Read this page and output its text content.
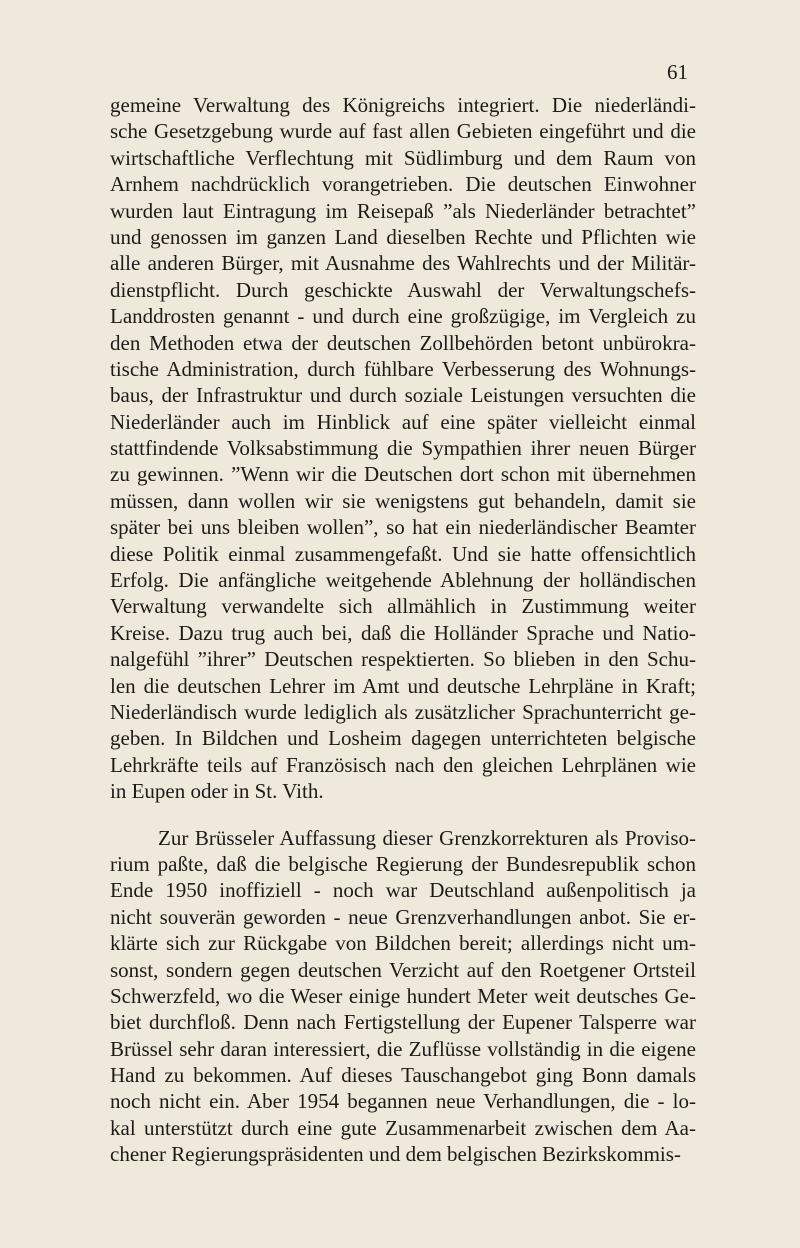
61
gemeine Verwaltung des Königreichs integriert. Die niederländi-
sche Gesetzgebung wurde auf fast allen Gebieten eingeführt und die
wirtschaftliche Verflechtung mit Südlimburg und dem Raum von
Arnhem nachdrücklich vorangetrieben. Die deutschen Einwohner
wurden laut Eintragung im Reisepaß ”als Niederländer betrachtet”
und genossen im ganzen Land dieselben Rechte und Pflichten wie
alle anderen Bürger, mit Ausnahme des Wahlrechts und der Militär-
dienstpflicht. Durch geschickte Auswahl der Verwaltungschefs-
Landdrosten genannt - und durch eine großzügige, im Vergleich zu
den Methoden etwa der deutschen Zollbehörden betont unbürokra-
tische Administration, durch fühlbare Verbesserung des Wohnungs-
baus, der Infrastruktur und durch soziale Leistungen versuchten die
Niederländer auch im Hinblick auf eine später vielleicht einmal
stattfindende Volksabstimmung die Sympathien ihrer neuen Bürger
zu gewinnen. ”Wenn wir die Deutschen dort schon mit übernehmen
müssen, dann wollen wir sie wenigstens gut behandeln, damit sie
später bei uns bleiben wollen”, so hat ein niederländischer Beamter
diese Politik einmal zusammengefaßt. Und sie hatte offensichtlich
Erfolg. Die anfängliche weitgehende Ablehnung der holländischen
Verwaltung verwandelte sich allmählich in Zustimmung weiter
Kreise. Dazu trug auch bei, daß die Holländer Sprache und Natio-
nalgefühl ”ihrer” Deutschen respektierten. So blieben in den Schu-
len die deutschen Lehrer im Amt und deutsche Lehrpläne in Kraft;
Niederländisch wurde lediglich als zusätzlicher Sprachunterricht ge-
geben. In Bildchen und Losheim dagegen unterrichteten belgische
Lehrkräfte teils auf Französisch nach den gleichen Lehrplänen wie
in Eupen oder in St. Vith.
Zur Brüsseler Auffassung dieser Grenzkorrekturen als Proviso-
rium paßte, daß die belgische Regierung der Bundesrepublik schon
Ende 1950 inoffiziell - noch war Deutschland außenpolitisch ja
nicht souverän geworden - neue Grenzverhandlungen anbot. Sie er-
klärte sich zur Rückgabe von Bildchen bereit; allerdings nicht um-
sonst, sondern gegen deutschen Verzicht auf den Roetgener Ortsteil
Schwerzfeld, wo die Weser einige hundert Meter weit deutsches Ge-
biet durchfloß. Denn nach Fertigstellung der Eupener Talsperre war
Brüssel sehr daran interessiert, die Zuflüsse vollständig in die eigene
Hand zu bekommen. Auf dieses Tauschangebot ging Bonn damals
noch nicht ein. Aber 1954 begannen neue Verhandlungen, die - lo-
kal unterstützt durch eine gute Zusammenarbeit zwischen dem Aa-
chener Regierungspräsidenten und dem belgischen Bezirkskommis-
